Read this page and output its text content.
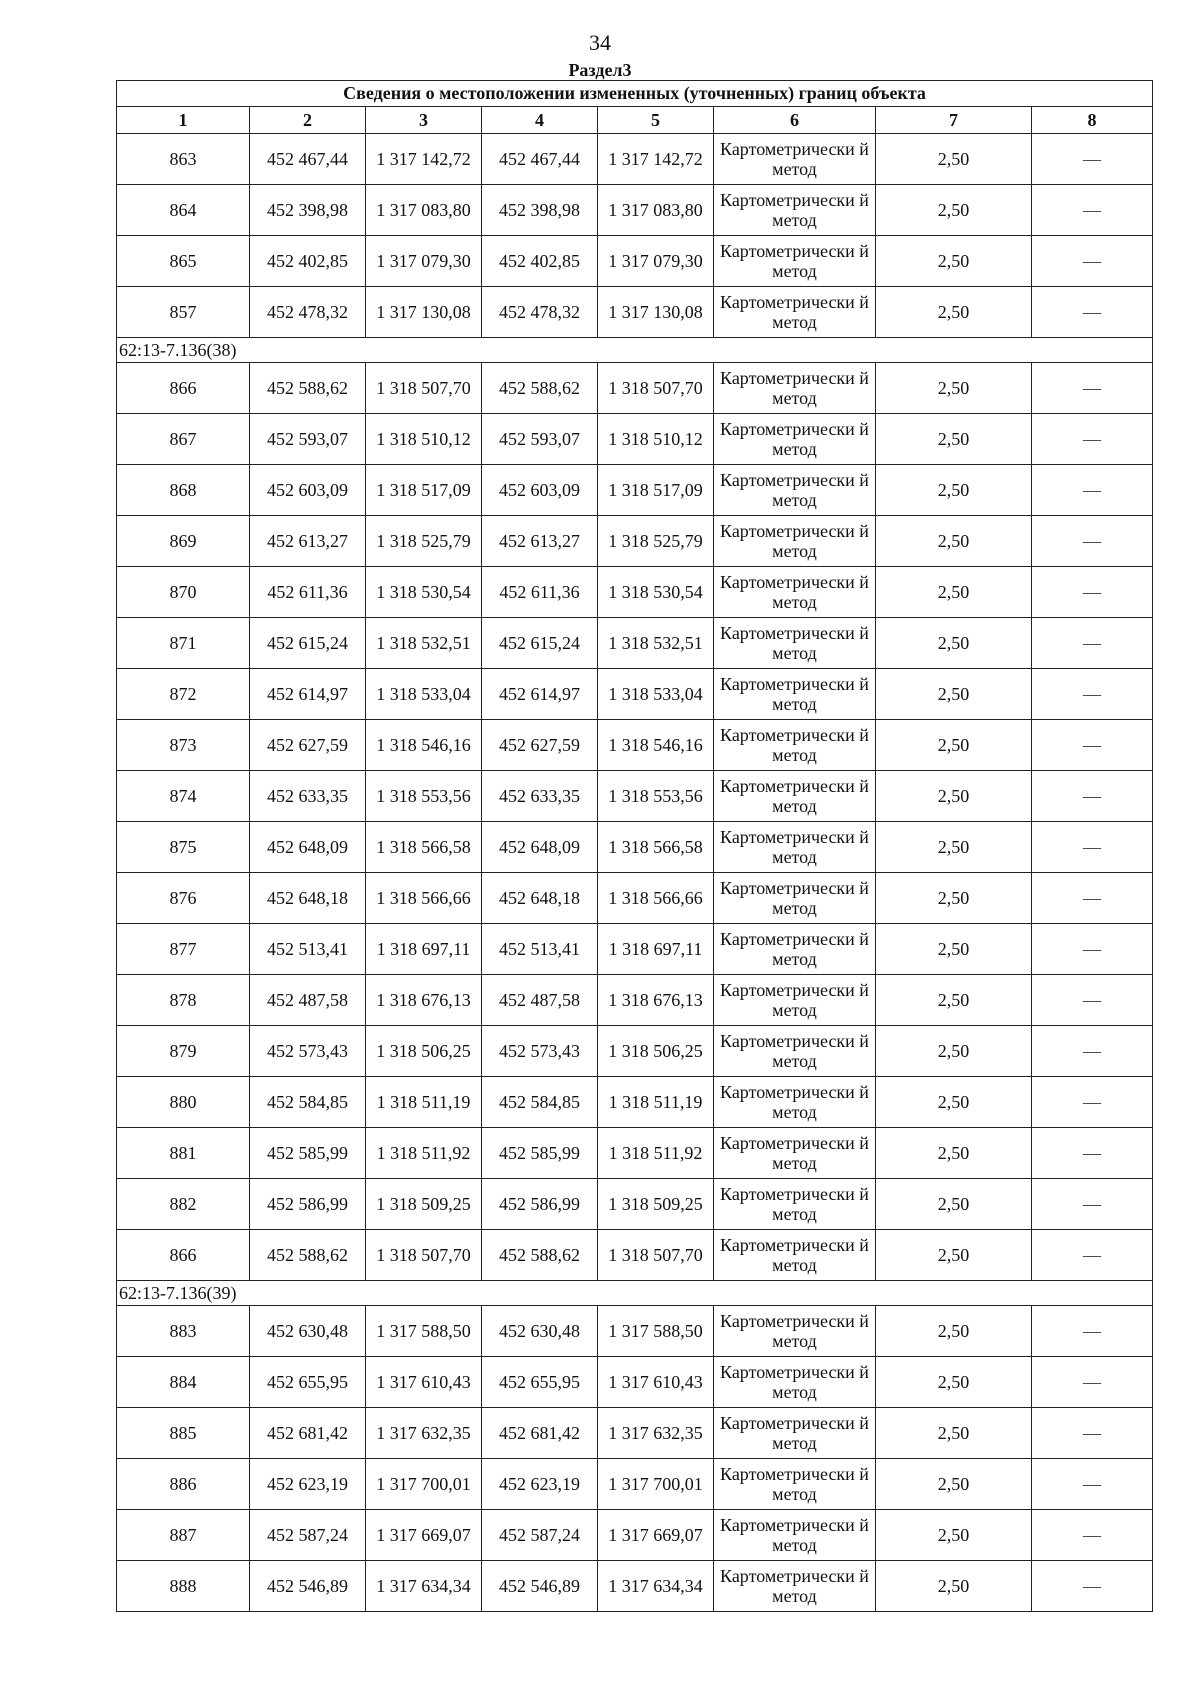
34
Раздел3
Сведения о местоположении измененных (уточненных) границ объекта							
1	2	3	4	5	6	7	8
863	452 467,44	1 317 142,72	452 467,44	1 317 142,72	Картометрически й метод	2,50	—
864	452 398,98	1 317 083,80	452 398,98	1 317 083,80	Картометрически й метод	2,50	—
865	452 402,85	1 317 079,30	452 402,85	1 317 079,30	Картометрически й метод	2,50	—
857	452 478,32	1 317 130,08	452 478,32	1 317 130,08	Картометрически й метод	2,50	—
62:13-7.136(38)							
866	452 588,62	1 318 507,70	452 588,62	1 318 507,70	Картометрически й метод	2,50	—
867	452 593,07	1 318 510,12	452 593,07	1 318 510,12	Картометрически й метод	2,50	—
868	452 603,09	1 318 517,09	452 603,09	1 318 517,09	Картометрически й метод	2,50	—
869	452 613,27	1 318 525,79	452 613,27	1 318 525,79	Картометрически й метод	2,50	—
870	452 611,36	1 318 530,54	452 611,36	1 318 530,54	Картометрически й метод	2,50	—
871	452 615,24	1 318 532,51	452 615,24	1 318 532,51	Картометрически й метод	2,50	—
872	452 614,97	1 318 533,04	452 614,97	1 318 533,04	Картометрически й метод	2,50	—
873	452 627,59	1 318 546,16	452 627,59	1 318 546,16	Картометрически й метод	2,50	—
874	452 633,35	1 318 553,56	452 633,35	1 318 553,56	Картометрически й метод	2,50	—
875	452 648,09	1 318 566,58	452 648,09	1 318 566,58	Картометрически й метод	2,50	—
876	452 648,18	1 318 566,66	452 648,18	1 318 566,66	Картометрически й метод	2,50	—
877	452 513,41	1 318 697,11	452 513,41	1 318 697,11	Картометрически й метод	2,50	—
878	452 487,58	1 318 676,13	452 487,58	1 318 676,13	Картометрически й метод	2,50	—
879	452 573,43	1 318 506,25	452 573,43	1 318 506,25	Картометрически й метод	2,50	—
880	452 584,85	1 318 511,19	452 584,85	1 318 511,19	Картометрически й метод	2,50	—
881	452 585,99	1 318 511,92	452 585,99	1 318 511,92	Картометрически й метод	2,50	—
882	452 586,99	1 318 509,25	452 586,99	1 318 509,25	Картометрически й метод	2,50	—
866	452 588,62	1 318 507,70	452 588,62	1 318 507,70	Картометрически й метод	2,50	—
62:13-7.136(39)							
883	452 630,48	1 317 588,50	452 630,48	1 317 588,50	Картометрически й метод	2,50	—
884	452 655,95	1 317 610,43	452 655,95	1 317 610,43	Картометрически й метод	2,50	—
885	452 681,42	1 317 632,35	452 681,42	1 317 632,35	Картометрически й метод	2,50	—
886	452 623,19	1 317 700,01	452 623,19	1 317 700,01	Картометрически й метод	2,50	—
887	452 587,24	1 317 669,07	452 587,24	1 317 669,07	Картометрически й метод	2,50	—
888	452 546,89	1 317 634,34	452 546,89	1 317 634,34	Картометрически й метод	2,50	—
